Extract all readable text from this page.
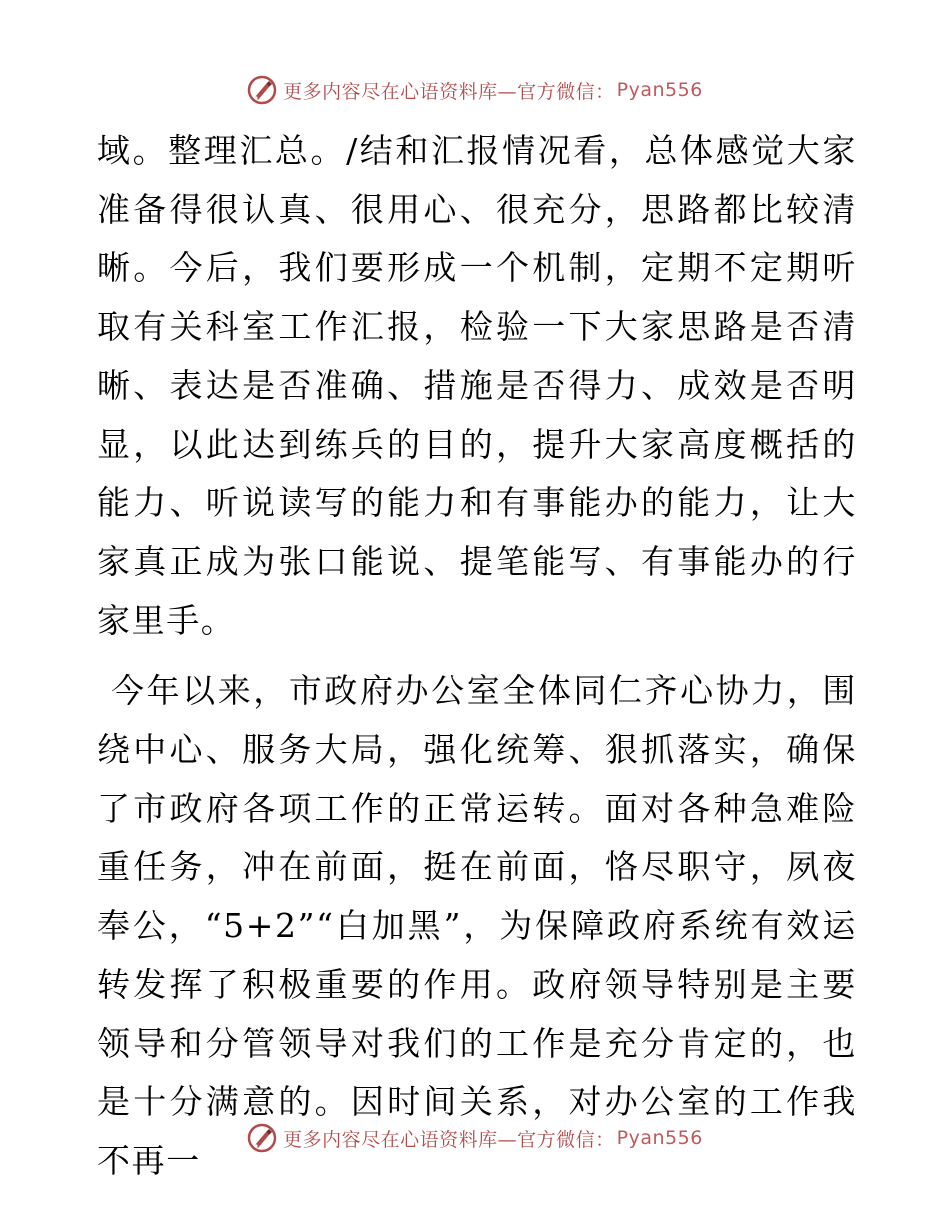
更多内容尽在心语资料库—官方微信： Pyan556

域。整理汇总。/结和汇报情况看，总体感觉大家准备得很认真、很用心、很充分，思路都比较清晰。今后，我们要形成一个机制，定期不定期听取有关科室工作汇报，检验一下大家思路是否清晰、表达是否准确、措施是否得力、成效是否明显，以此达到练兵的目的，提升大家高度概括的能力、听说读写的能力和有事能办的能力，让大家真正成为张口能说、提笔能写、有事能办的行家里手。

今年以来，市政府办公室全体同仁齐心协力，围绕中心、服务大局，强化统筹、狠抓落实，确保了市政府各项工作的正常运转。面对各种急难险重任务，冲在前面，挺在前面，恪尽职守，夙夜奉公，“5+2”“白加黑”，为保障政府系统有效运转发挥了积极重要的作用。政府领导特别是主要领导和分管领导对我们的工作是充分肯定的，也是十分满意的。因时间关系，对办公室的工作我不再一

更多内容尽在心语资料库—官方微信： Pyan556
